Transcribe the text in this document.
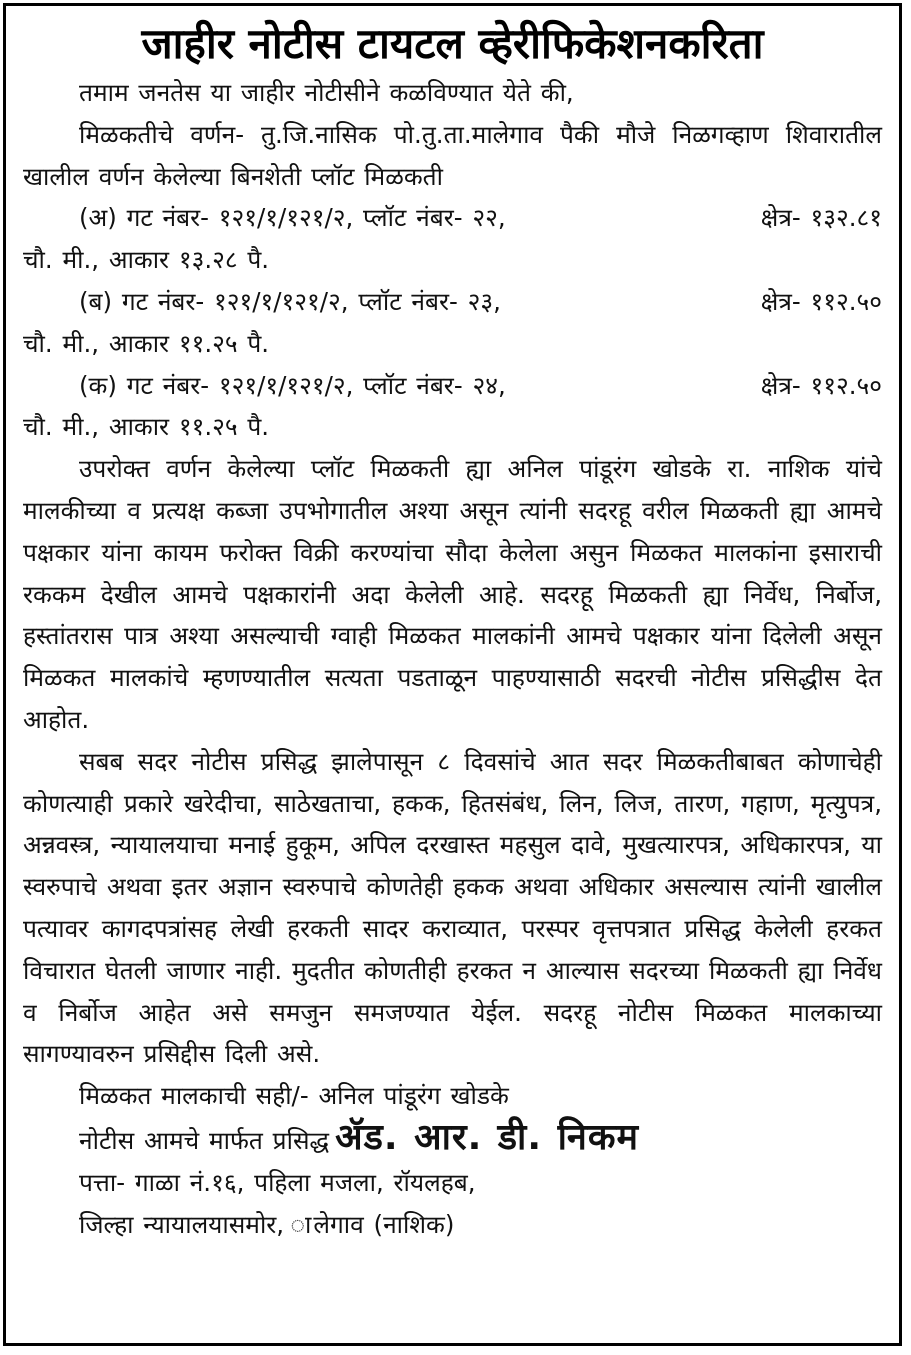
जाहीर नोटीस टायटल व्हेरीफिकेशनकरिता

तमाम जनतेस या जाहीर नोटीसीने कळविण्यात येते की,

मिळकतीचे वर्णन- तु.जि.नासिक पो.तु.ता.मालेगाव पैकी मौजे निळगव्हाण शिवारातील खालील वर्णन केलेल्या बिनशेती प्लॉट मिळकती

(अ) गट नंबर- १२१/१/१२१/२, प्लॉट नंबर- २२,	क्षेत्र- १३२.८१
चौ. मी., आकार १३.२८ पै.
(ब) गट नंबर- १२१/१/१२१/२, प्लॉट नंबर- २३,	क्षेत्र- ११२.५०
चौ. मी., आकार ११.२५ पै.
(क) गट नंबर- १२१/१/१२१/२, प्लॉट नंबर- २४,	क्षेत्र- ११२.५०
चौ. मी., आकार ११.२५ पै.

उपरोक्त वर्णन केलेल्या प्लॉट मिळकती ह्या अनिल पांडूरंग खोडके रा. नाशिक यांचे मालकीच्या व प्रत्यक्ष कब्जा उपभोगातील अश्या असून त्यांनी सदरहू वरील मिळकती ह्या आमचे पक्षकार यांना कायम फरोक्त विक्री करण्यांचा सौदा केलेला असुन मिळकत मालकांना इसाराची रककम देखील आमचे पक्षकारांनी अदा केलेली आहे. सदरहू मिळकती ह्या निर्वेध, निर्बोज, हस्तांतरास पात्र अश्या असल्याची ग्वाही मिळकत मालकांनी आमचे पक्षकार यांना दिलेली असून मिळकत मालकांचे म्हणण्यातील सत्यता पडताळून पाहण्यासाठी सदरची नोटीस प्रसिद्धीस देत आहोत.

सबब सदर नोटीस प्रसिद्ध झालेपासून ८ दिवसांचे आत सदर मिळकतीबाबत कोणाचेही कोणत्याही प्रकारे खरेदीचा, साठेखताचा, हकक, हितसंबंध, लिन, लिज, तारण, गहाण, मृत्युपत्र, अन्नवस्त्र, न्यायालयाचा मनाई हुकूम, अपिल दरखास्त महसुल दावे, मुखत्यारपत्र, अधिकारपत्र, या स्वरुपाचे अथवा इतर अज्ञान स्वरुपाचे कोणतेही हकक अथवा अधिकार असल्यास त्यांनी खालील पत्यावर कागदपत्रांसह लेखी हरकती सादर कराव्यात, परस्पर वृत्तपत्रात प्रसिद्ध केलेली हरकत विचारात घेतली जाणार नाही. मुदतीत कोणतीही हरकत न आल्यास सदरच्या मिळकती ह्या निर्वेध व निर्बोज आहेत असे समजुन समजण्यात येईल. सदरहू नोटीस मिळकत मालकाच्या सागण्यावरुन प्रसिद्दीस दिली असे.

मिळकत मालकाची सही/- अनिल पांडूरंग खोडके

नोटीस आमचे मार्फत प्रसिद्ध ॲड. आर. डी. निकम

पत्ता- गाळा नं.१६, पहिला मजला, रॉयलहब,

जिल्हा न्यायालयासमोर, ालेगाव (नाशिक)
